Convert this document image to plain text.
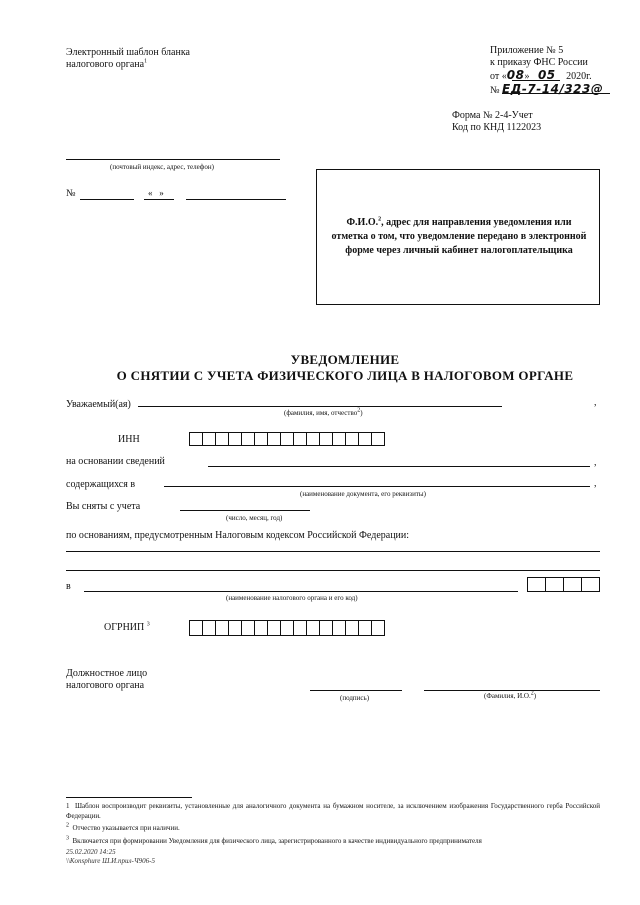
Электронный шаблон бланка
налогового органа$^1$
Приложение № 5
к приказу ФНС России
от «08» 05 2020г.
№ ЕД-7-14/323@
Форма № 2-4-Учет
Код по КНД 1122023
(почтовый индекс, адрес, телефон)
№	«   »
Ф.И.О.$^2$, адрес для направления уведомления или отметка о том, что уведомление передано в электронной форме через личный кабинет налогоплательщика
УВЕДОМЛЕНИЕ
О СНЯТИИ С УЧЕТА ФИЗИЧЕСКОГО ЛИЦА В НАЛОГОВОМ ОРГАНЕ
Уважаемый(ая)	,
(фамилия, имя, отчество2)
ИНН
на основании сведений	,
содержащихся в	,
(наименование документа, его реквизиты)
Вы сняты с учета
(число, месяц, год)
по основаниям, предусмотренным Налоговым кодексом Российской Федерации:
в
(наименование налогового органа и его код)
ОГРНИП $^3$
Должностное лицо
налогового органа
(подпись)	(Фамилия, И.О.2)
1 Шаблон воспроизводит реквизиты, установленные для аналогичного документа на бумажном носителе, за исключением изображения Государственного герба Российской Федерации.
2 Отчество указывается при наличии.
3 Включается при формировании Уведомления для физического лица, зарегистрированного в качестве индивидуального предпринимателя
25.02.2020 14:25
\\Konsphure Ш.И.прил-Ч906-5
